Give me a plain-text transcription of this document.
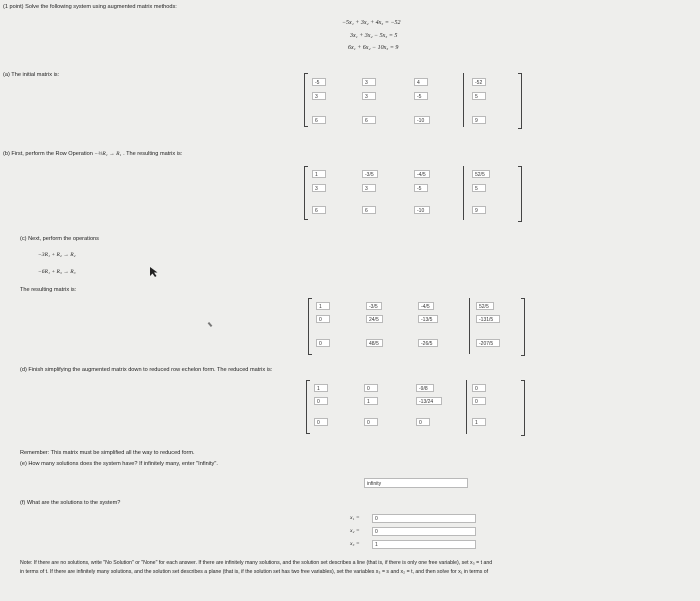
(1 point) Solve the following system using augmented matrix methods:
−5x₁ + 3x₂ + 4x₃ = −52
3x₁ + 3x₂ − 5x₃ = 5
6x₁ + 6x₂ − 10x₃ = 9
(a) The initial matrix is:
-5	3	4	-52
3	3	-5	5
6	6	-10	9
(b) First, perform the Row Operation −⅓R₁ → R₁ . The resulting matrix is:
1	-3/5	-4/5	52/5
3	3	-5	5
6	6	-10	9
(c) Next, perform the operations
−3R₁ + R₂ → R₂
−6R₁ + R₃ → R₃
The resulting matrix is:
1	-3/5	-4/5	52/5
0	24/5	-13/5	-131/5
0	48/5	-26/5	-207/5
(d) Finish simplifying the augmented matrix down to reduced row echelon form. The reduced matrix is:
1	0	-9/8	0
0	1	-13/24	0
0	0	0	1
Remember: This matrix must be simplified all the way to reduced form.
(e) How many solutions does the system have? If infinitely many, enter "Infinity".
infinity
(f) What are the solutions to the system?
x₁ =	0
x₂ =	0
x₃ =	1
Note: If there are no solutions, write "No Solution" or "None" for each answer. If there are infinitely many solutions, and the solution set describes a line (that is, if there is only one free variable), set x₃ = t and
in terms of t. If there are infinitely many solutions, and the solution set describes a plane (that is, if the solution set has two free variables), set the variables x₃ = s and x₂ = t, and then solve for x₁ in terms of
